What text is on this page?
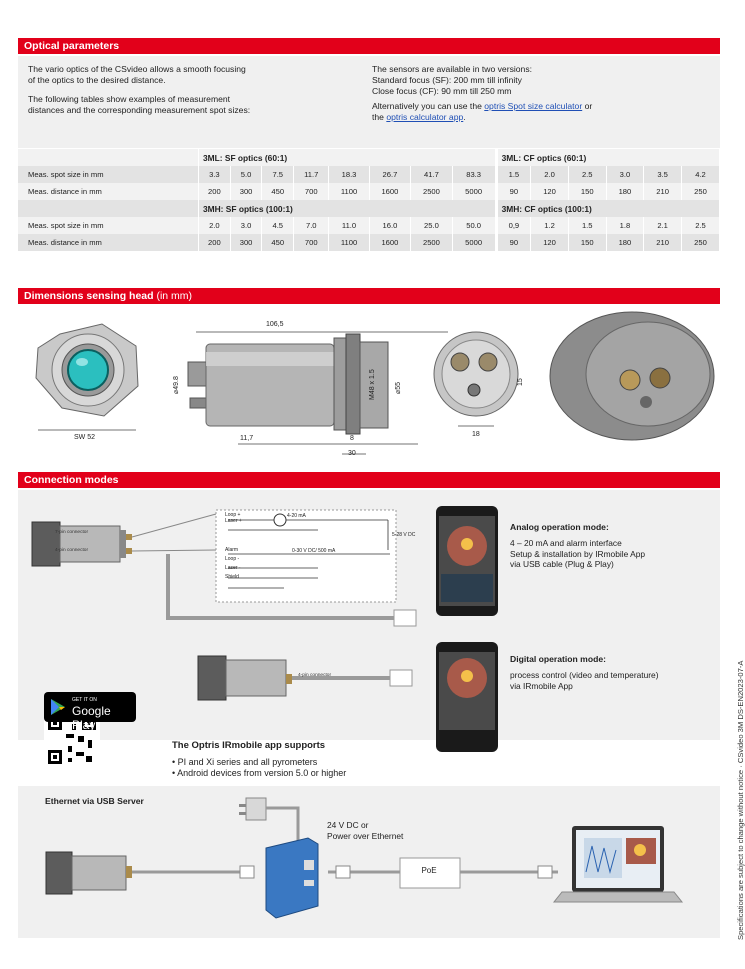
Optical parameters
The vario optics of the CSvideo allows a smooth focusing
of the optics to the desired distance.
The following tables show examples of measurement
distances and the corresponding measurement spot sizes:
The sensors are available in two versions:
Standard focus (SF): 200 mm till infinity
Close focus (CF): 90 mm till 250 mm
Alternatively you can use the optris Spot size calculator or
the optris calculator app.
	3ML: SF optics (60:1)								3ML: CF optics (60:1)					
Meas. spot size in mm	3.3	5.0	7.5	11.7	18.3	26.7	41.7	83.3	1.5	2.0	2.5	3.0	3.5	4.2
Meas. distance in mm	200	300	450	700	1100	1600	2500	5000	90	120	150	180	210	250
	3MH: SF optics (100:1)								3MH: CF optics (100:1)					
Meas. spot size in mm	2.0	3.0	4.5	7.0	11.0	16.0	25.0	50.0	0,9	1.2	1.5	1.8	2.1	2.5
Meas. distance in mm	200	300	450	700	1100	1600	2500	5000	90	120	150	180	210	250
Dimensions sensing head (in mm)
SW 52
106,5
⌀49.8	M48 x 1.5	⌀55
11,7	8
30
15
18
Connection modes
7-pin connector
4-pin connector
Loop +
Laser +
4-20 mA
5-28 V DC
Alarm
Loop -
Laser -
Shield
0-30 V DC/ 500 mA
Analog operation mode:
4 – 20 mA and alarm interface
Setup & installation by IRmobile App
via USB cable (Plug & Play)
Digital operation mode:
process control (video and temperature)
via IRmobile App
4-pin connector
GET IT ON
Google Play
The Optris IRmobile app supports
• PI and Xi series and all pyrometers
• Android devices from version 5.0 or higher
Ethernet via USB Server
24 V DC or
Power over Ethernet
PoE	Specifications are subject to change without notice · CSvideo 3M DS-EN2023-07-A
